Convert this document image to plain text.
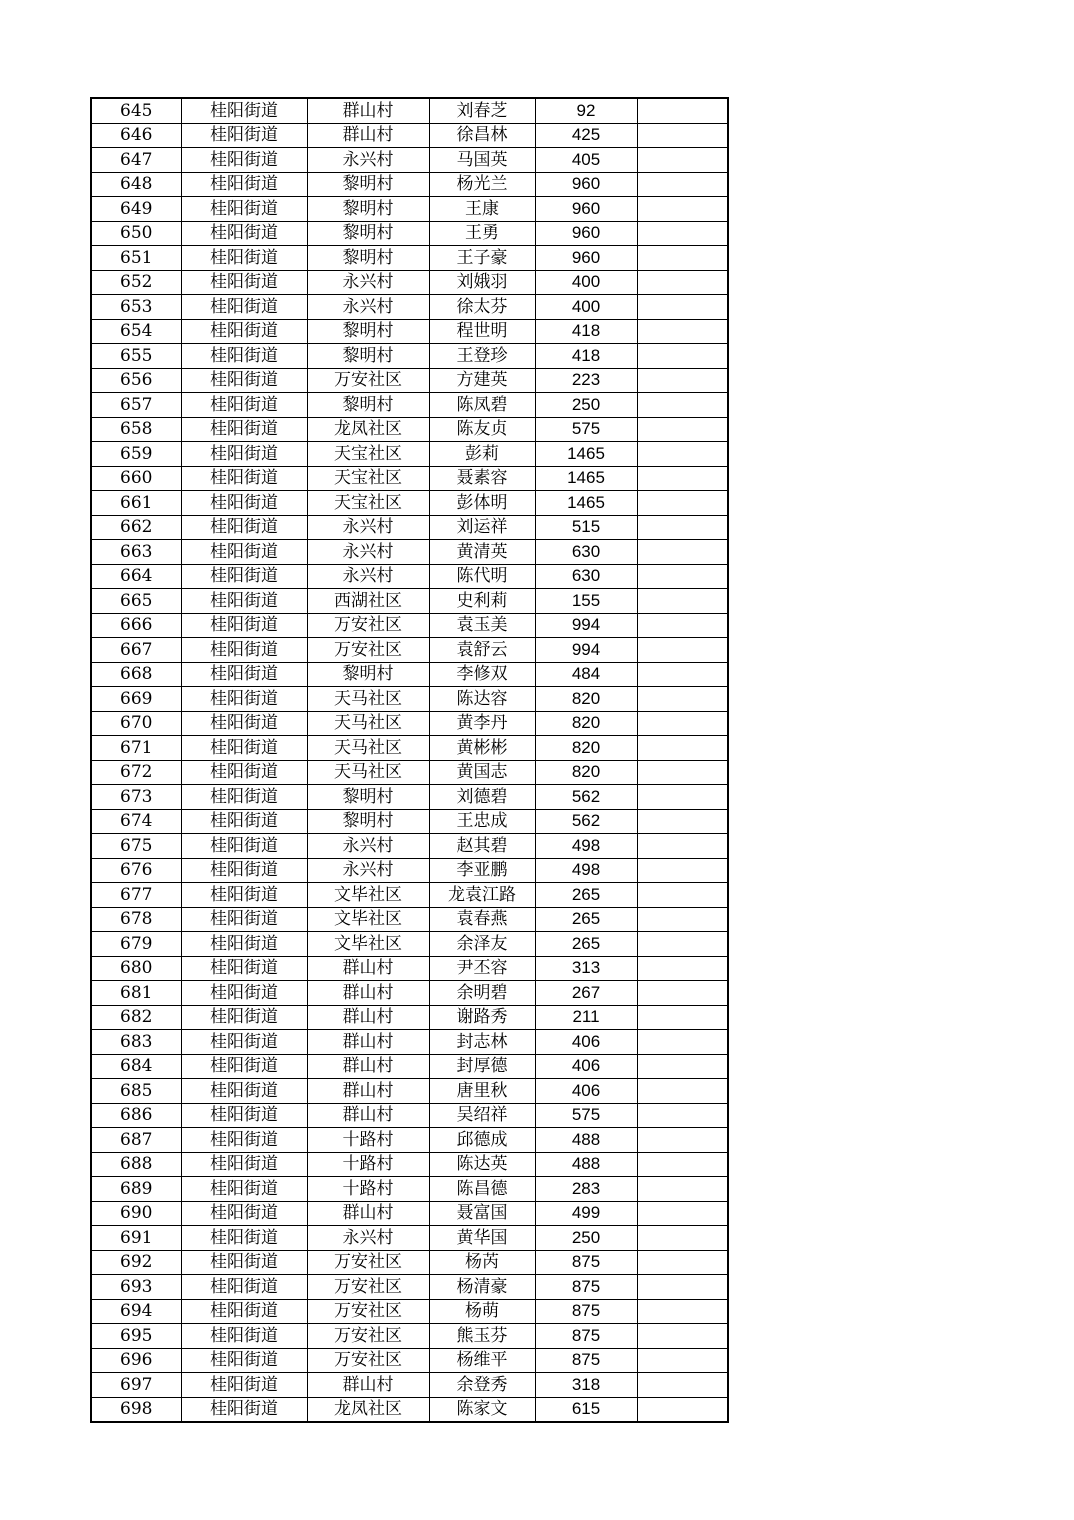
645	桂阳街道	群山村	刘春芝	92	
646	桂阳街道	群山村	徐昌林	425	
647	桂阳街道	永兴村	马国英	405	
648	桂阳街道	黎明村	杨光兰	960	
649	桂阳街道	黎明村	王康	960	
650	桂阳街道	黎明村	王勇	960	
651	桂阳街道	黎明村	王子豪	960	
652	桂阳街道	永兴村	刘娥羽	400	
653	桂阳街道	永兴村	徐太芬	400	
654	桂阳街道	黎明村	程世明	418	
655	桂阳街道	黎明村	王登珍	418	
656	桂阳街道	万安社区	方建英	223	
657	桂阳街道	黎明村	陈凤碧	250	
658	桂阳街道	龙凤社区	陈友贞	575	
659	桂阳街道	天宝社区	彭莉	1465	
660	桂阳街道	天宝社区	聂素容	1465	
661	桂阳街道	天宝社区	彭体明	1465	
662	桂阳街道	永兴村	刘运祥	515	
663	桂阳街道	永兴村	黄清英	630	
664	桂阳街道	永兴村	陈代明	630	
665	桂阳街道	西湖社区	史利莉	155	
666	桂阳街道	万安社区	袁玉美	994	
667	桂阳街道	万安社区	袁舒云	994	
668	桂阳街道	黎明村	李修双	484	
669	桂阳街道	天马社区	陈达容	820	
670	桂阳街道	天马社区	黄李丹	820	
671	桂阳街道	天马社区	黄彬彬	820	
672	桂阳街道	天马社区	黄国志	820	
673	桂阳街道	黎明村	刘德碧	562	
674	桂阳街道	黎明村	王忠成	562	
675	桂阳街道	永兴村	赵其碧	498	
676	桂阳街道	永兴村	李亚鹏	498	
677	桂阳街道	文毕社区	龙袁江路	265	
678	桂阳街道	文毕社区	袁春燕	265	
679	桂阳街道	文毕社区	余泽友	265	
680	桂阳街道	群山村	尹丕容	313	
681	桂阳街道	群山村	余明碧	267	
682	桂阳街道	群山村	谢路秀	211	
683	桂阳街道	群山村	封志林	406	
684	桂阳街道	群山村	封厚德	406	
685	桂阳街道	群山村	唐里秋	406	
686	桂阳街道	群山村	吴绍祥	575	
687	桂阳街道	十路村	邱德成	488	
688	桂阳街道	十路村	陈达英	488	
689	桂阳街道	十路村	陈昌德	283	
690	桂阳街道	群山村	聂富国	499	
691	桂阳街道	永兴村	黄华国	250	
692	桂阳街道	万安社区	杨芮	875	
693	桂阳街道	万安社区	杨清豪	875	
694	桂阳街道	万安社区	杨萌	875	
695	桂阳街道	万安社区	熊玉芬	875	
696	桂阳街道	万安社区	杨维平	875	
697	桂阳街道	群山村	余登秀	318	
698	桂阳街道	龙凤社区	陈家文	615	
